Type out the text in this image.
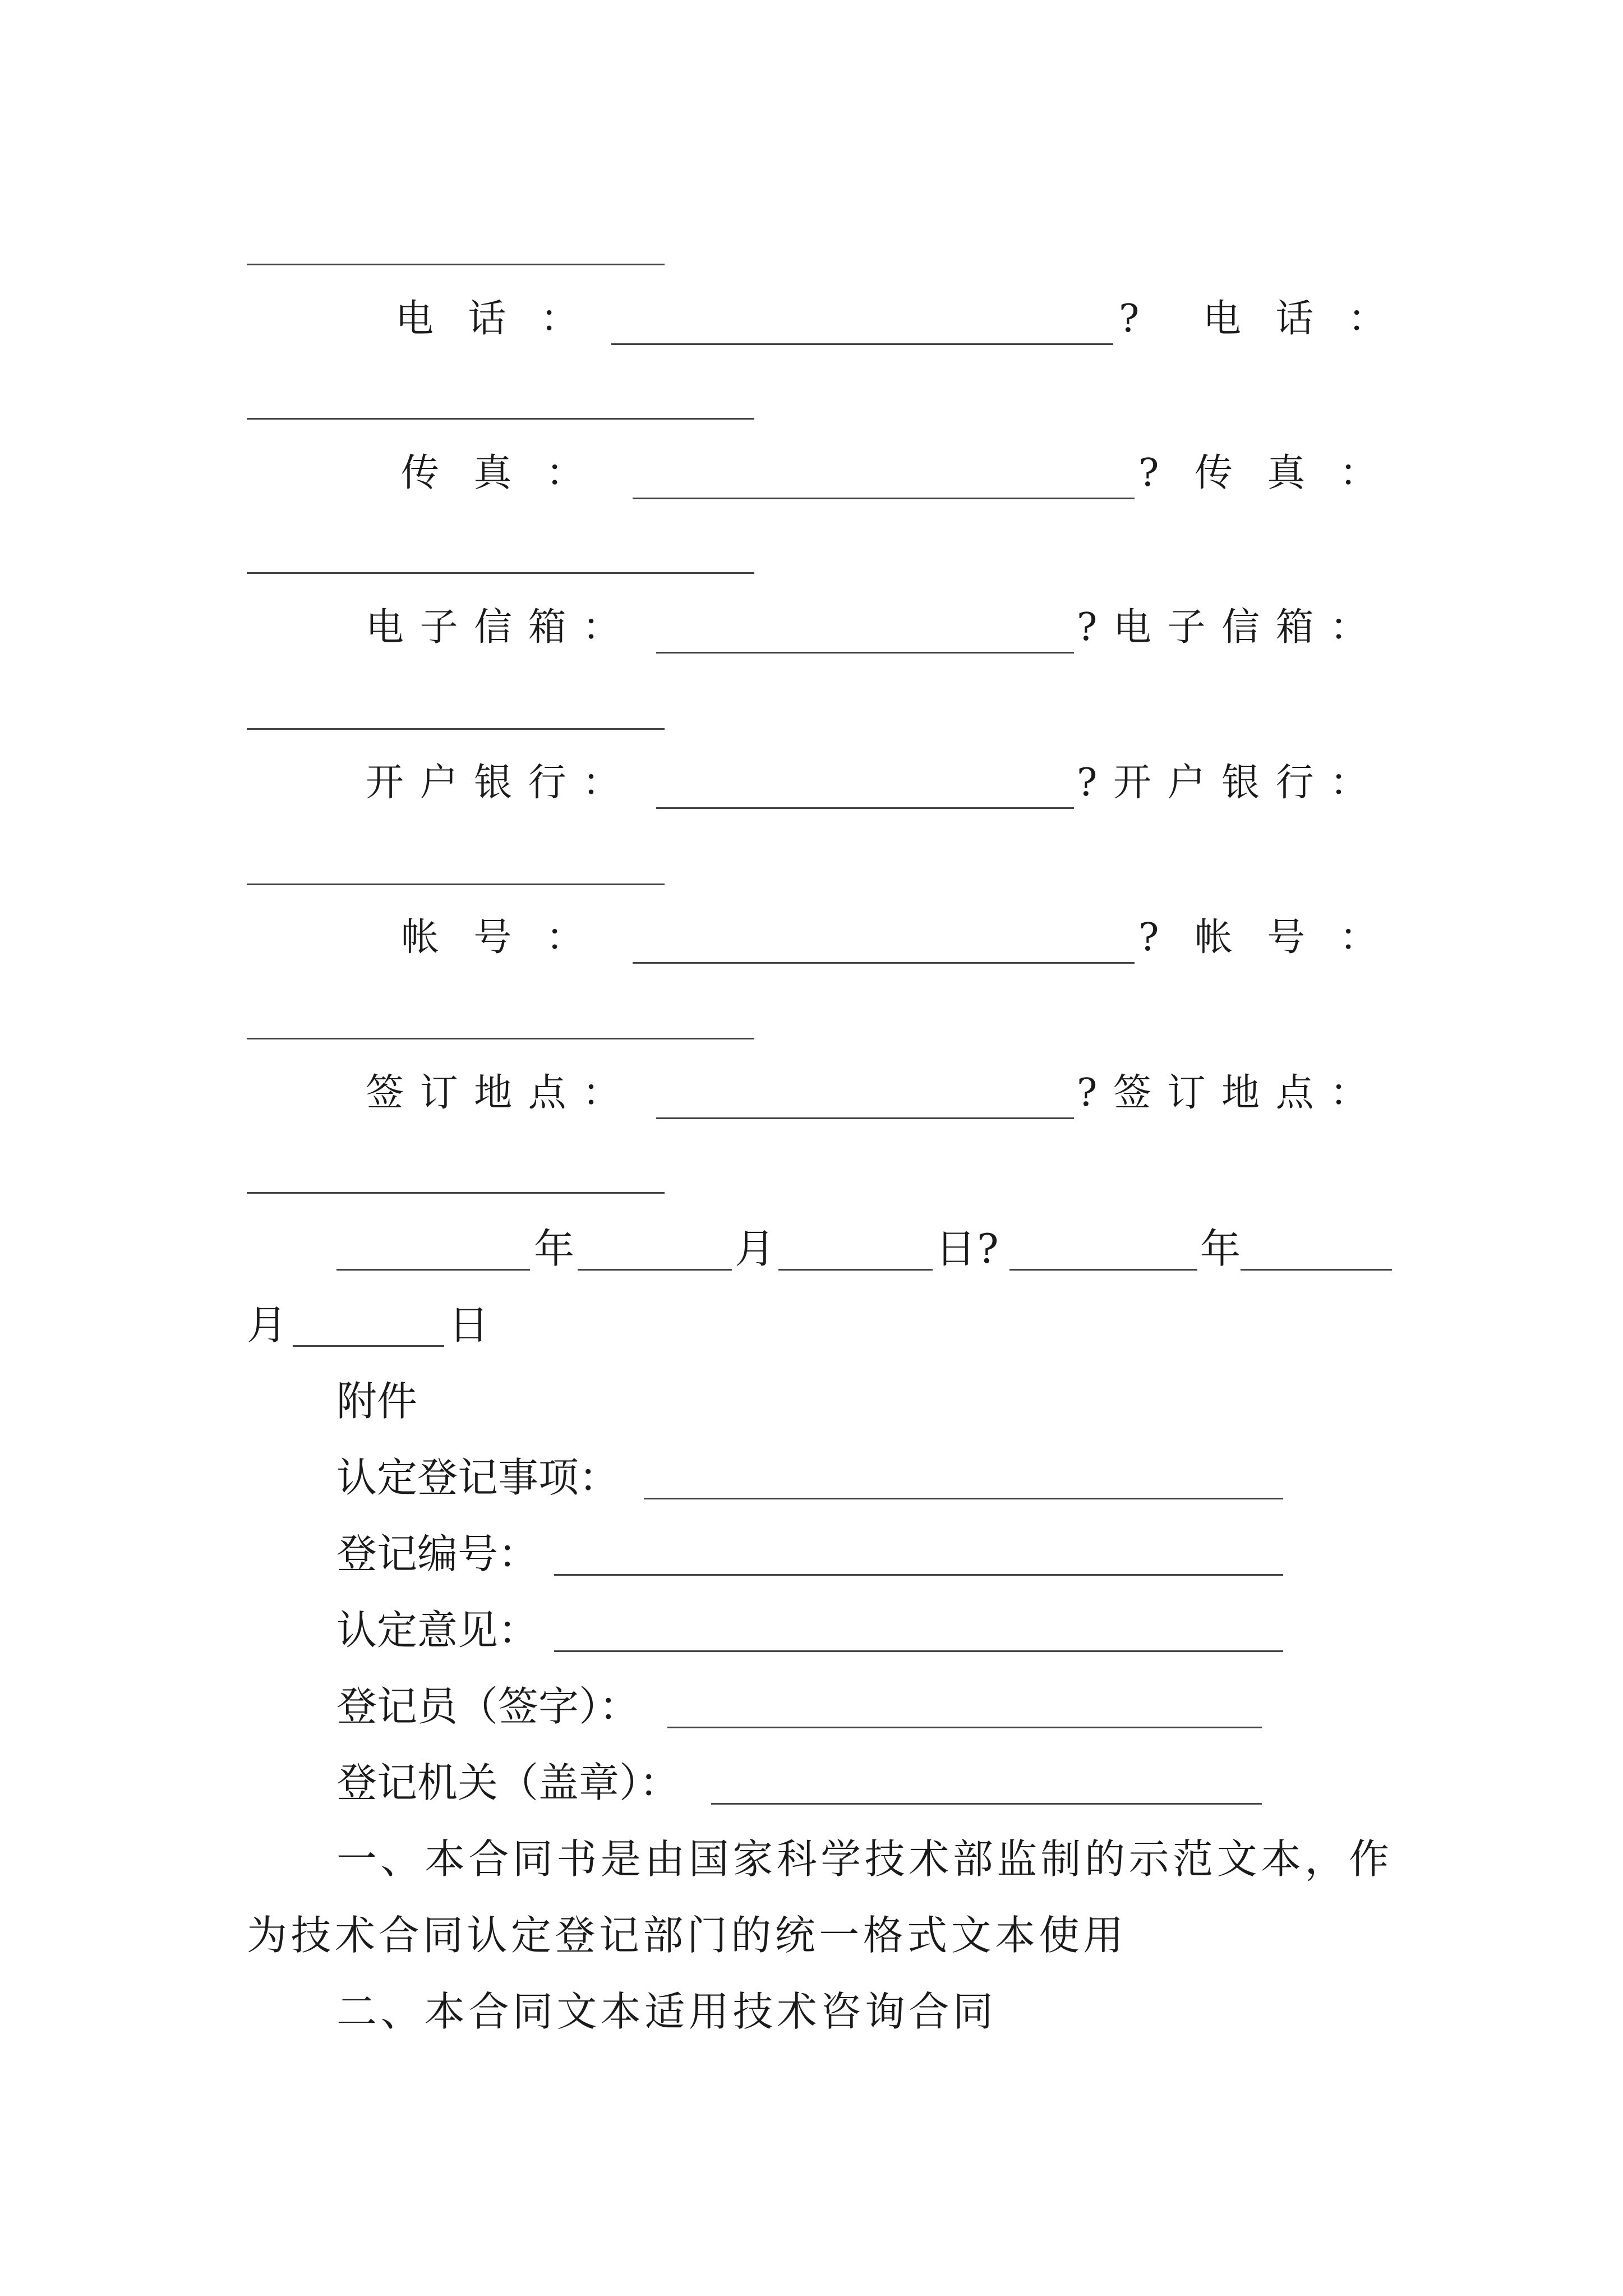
电话：	? 电话：
传真：	? 传真：
电子信箱：	? 电子信箱：
开户银行：	? 开户银行：
帐号：	? 帐号：
签订地点：	? 签订地点：
年	月	日 ?	年
月	日
附件
认定登记事项：
登记编号：
认定意见：
登记员（签字）：
登记机关（盖章）：
一、本合同书是由国家科学技术部监制的示范文本，作
为技术合同认定登记部门的统一格式文本使用
二、本合同文本适用技术咨询合同
